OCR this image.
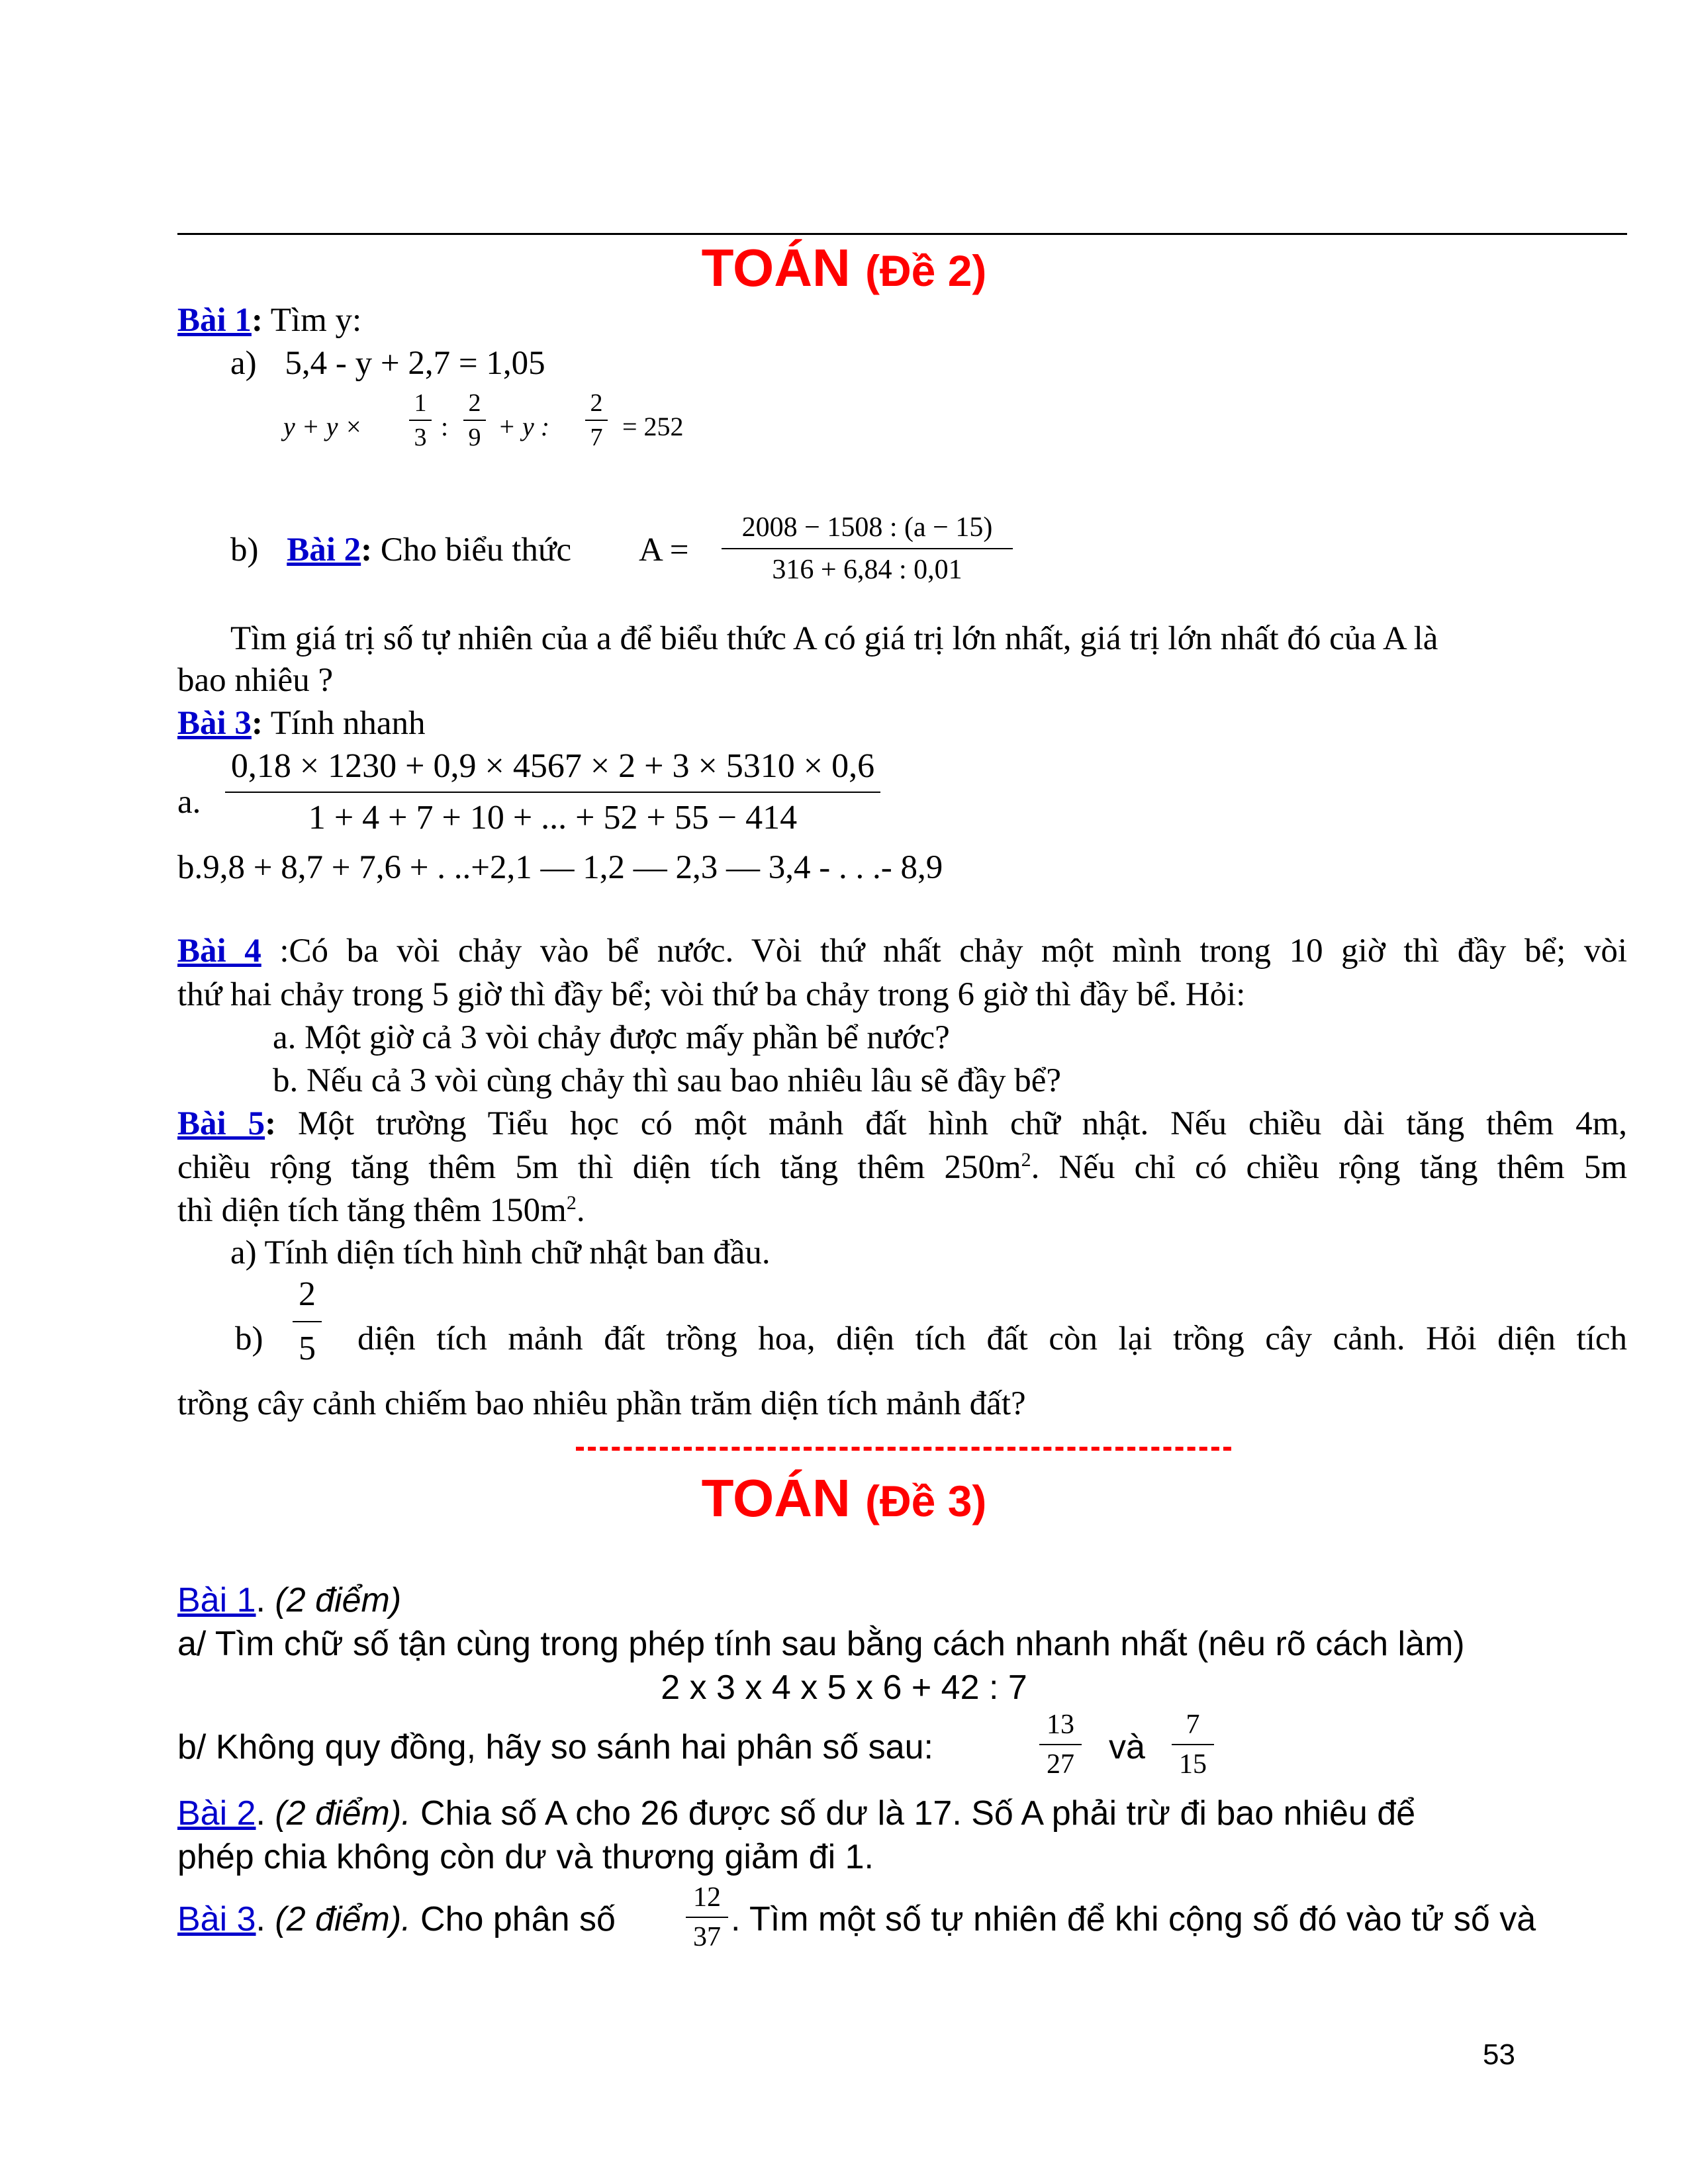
TOÁN (Đề 2)
Bài 1: Tìm y:
a) 5,4 - y + 2,7 = 1,05
y + y ×
1
3 :
2
9 + y :
2
7 = 252
b) Bài 2: Cho biểu thức A =
2008 − 1508 : (a − 15)
316 + 6,84 : 0,01
Tìm giá trị số tự nhiên của a để biểu thức A có giá trị lớn nhất, giá trị lớn nhất đó của A là
bao nhiêu ?
Bài 3: Tính nhanh
a.
0,18 × 1230 + 0,9 × 4567 × 2 + 3 × 5310 × 0,6
1 + 4 + 7 + 10 + ... + 52 + 55 − 414
b.9,8 + 8,7 + 7,6 + . ..+2,1 — 1,2 — 2,3 — 3,4 - . . .- 8,9
Bài 4 :Có ba vòi chảy vào bể nước. Vòi thứ nhất chảy một mình trong 10 giờ thì đầy bể; vòi
thứ hai chảy trong 5 giờ thì đầy bể; vòi thứ ba chảy trong 6 giờ thì đầy bể. Hỏi:
a. Một giờ cả 3 vòi chảy được mấy phần bể nước?
b. Nếu cả 3 vòi cùng chảy thì sau bao nhiêu lâu sẽ đầy bể?
Bài 5: Một trường Tiểu học có một mảnh đất hình chữ nhật. Nếu chiều dài tăng thêm 4m,
chiều rộng tăng thêm 5m thì diện tích tăng thêm $250m^2$. Nếu chỉ có chiều rộng tăng thêm 5m
thì diện tích tăng thêm $150m^2$.
a) Tính diện tích hình chữ nhật ban đầu.
b)
2
5 diện tích mảnh đất trồng hoa, diện tích đất còn lại trồng cây cảnh. Hỏi diện tích
trồng cây cảnh chiếm bao nhiêu phần trăm diện tích mảnh đất?
TOÁN (Đề 3)
Bài 1. (2 điểm)
a/ Tìm chữ số tận cùng trong phép tính sau bằng cách nhanh nhất (nêu rõ cách làm)
2 x 3 x 4 x 5 x 6 + 42 : 7
b/ Không quy đồng, hãy so sánh hai phân số sau:
13
27 và
7
15
Bài 2. (2 điểm). Chia số A cho 26 được số dư là 17. Số A phải trừ đi bao nhiêu để
phép chia không còn dư và thương giảm đi 1.
Bài 3. (2 điểm). Cho phân số
12
37 . Tìm một số tự nhiên để khi cộng số đó vào tử số và
53
